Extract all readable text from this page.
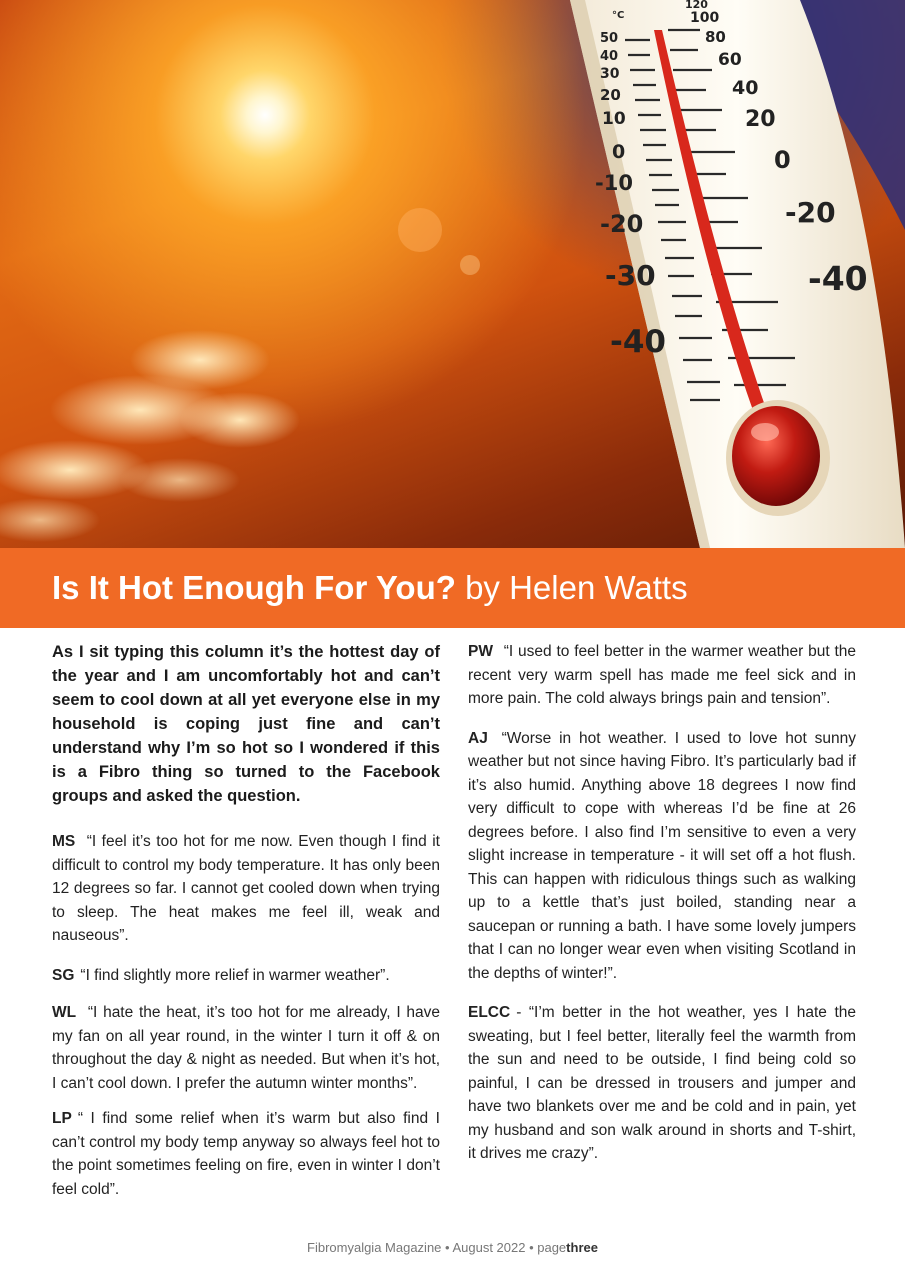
°C
50
40
30
20
10
0
-10
-20
-30
-40
120
100
80
60
40
20
0
-20
-40
Is It Hot Enough For You? by Helen Watts

As I sit typing this column it’s the hottest day of the year and I am uncomfortably hot and can’t seem to cool down at all yet everyone else in my household is coping just fine and can’t understand why I’m so hot so I wondered if this is a Fibro thing so turned to the Facebook groups and asked the question.

MS “I feel it’s too hot for me now. Even though I find it difficult to control my body temperature. It has only been 12 degrees so far. I cannot get cooled down when trying to sleep. The heat makes me feel ill, weak and nauseous”.

SG “I find slightly more relief in warmer weather”.

WL “I hate the heat, it’s too hot for me already, I have my fan on all year round, in the winter I turn it off & on throughout the day & night as needed. But when it’s hot, I can’t cool down. I prefer the autumn winter months”.

LP “ I find some relief when it’s warm but also find I can’t control my body temp anyway so always feel hot to the point sometimes feeling on fire, even in winter I don’t feel cold”.

PW “I used to feel better in the warmer weather but the recent very warm spell has made me feel sick and in more pain. The cold always brings pain and tension”.

AJ “Worse in hot weather. I used to love hot sunny weather but not since having Fibro. It’s particularly bad if it’s also humid. Anything above 18 degrees I now find very difficult to cope with whereas I’d be fine at 26 degrees before. I also find I’m sensitive to even a very slight increase in temperature - it will set off a hot flush. This can happen with ridiculous things such as walking up to a kettle that’s just boiled, standing near a saucepan or running a bath. I have some lovely jumpers that I can no longer wear even when visiting Scotland in the depths of winter!”.

ELCC - “I’m better in the hot weather, yes I hate the sweating, but I feel better, literally feel the warmth from the sun and need to be outside, I find being cold so painful, I can be dressed in trousers and jumper and have two blankets over me and be cold and in pain, yet my husband and son walk around in shorts and T-shirt, it drives me crazy”.

Fibromyalgia Magazine • August 2022 • pagethree
